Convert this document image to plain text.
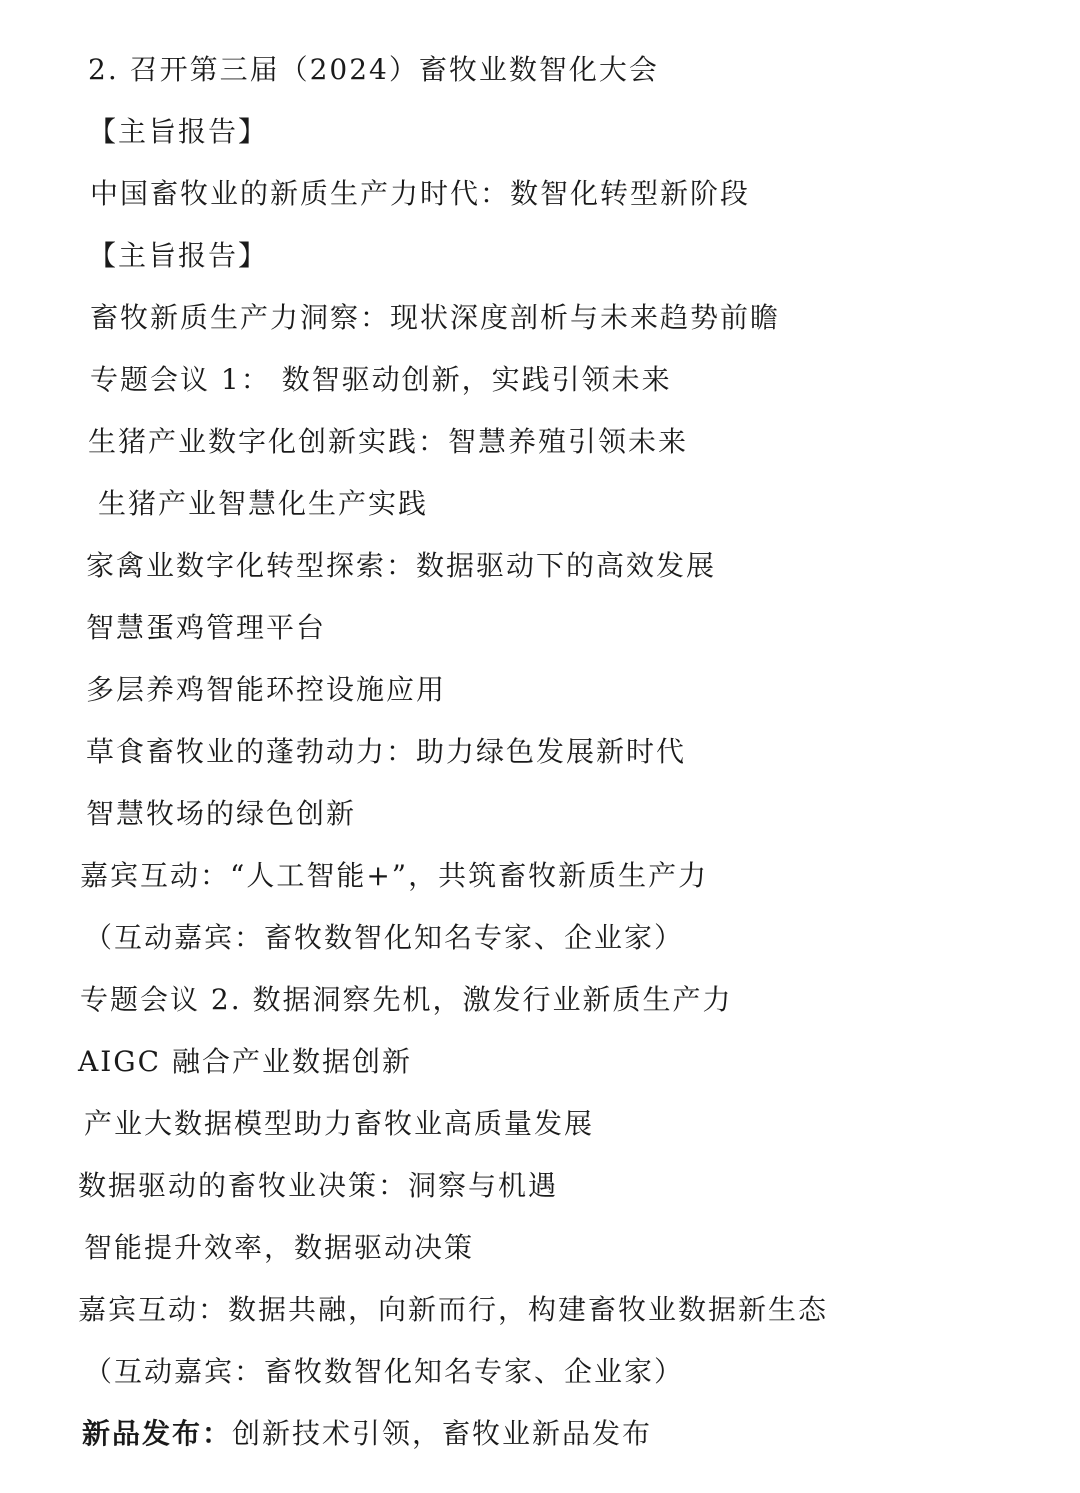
2. 召开第三届（2024）畜牧业数智化大会
【主旨报告】
中国畜牧业的新质生产力时代：数智化转型新阶段
【主旨报告】
畜牧新质生产力洞察：现状深度剖析与未来趋势前瞻
专题会议 1： 数智驱动创新，实践引领未来
生猪产业数字化创新实践：智慧养殖引领未来
生猪产业智慧化生产实践
家禽业数字化转型探索：数据驱动下的高效发展
智慧蛋鸡管理平台
多层养鸡智能环控设施应用
草食畜牧业的蓬勃动力：助力绿色发展新时代
智慧牧场的绿色创新
嘉宾互动：“人工智能+”，共筑畜牧新质生产力
（互动嘉宾：畜牧数智化知名专家、企业家）
专题会议 2. 数据洞察先机，激发行业新质生产力
AIGC 融合产业数据创新
产业大数据模型助力畜牧业高质量发展
数据驱动的畜牧业决策：洞察与机遇
智能提升效率，数据驱动决策
嘉宾互动：数据共融，向新而行，构建畜牧业数据新生态
（互动嘉宾：畜牧数智化知名专家、企业家）
新品发布：创新技术引领，畜牧业新品发布
